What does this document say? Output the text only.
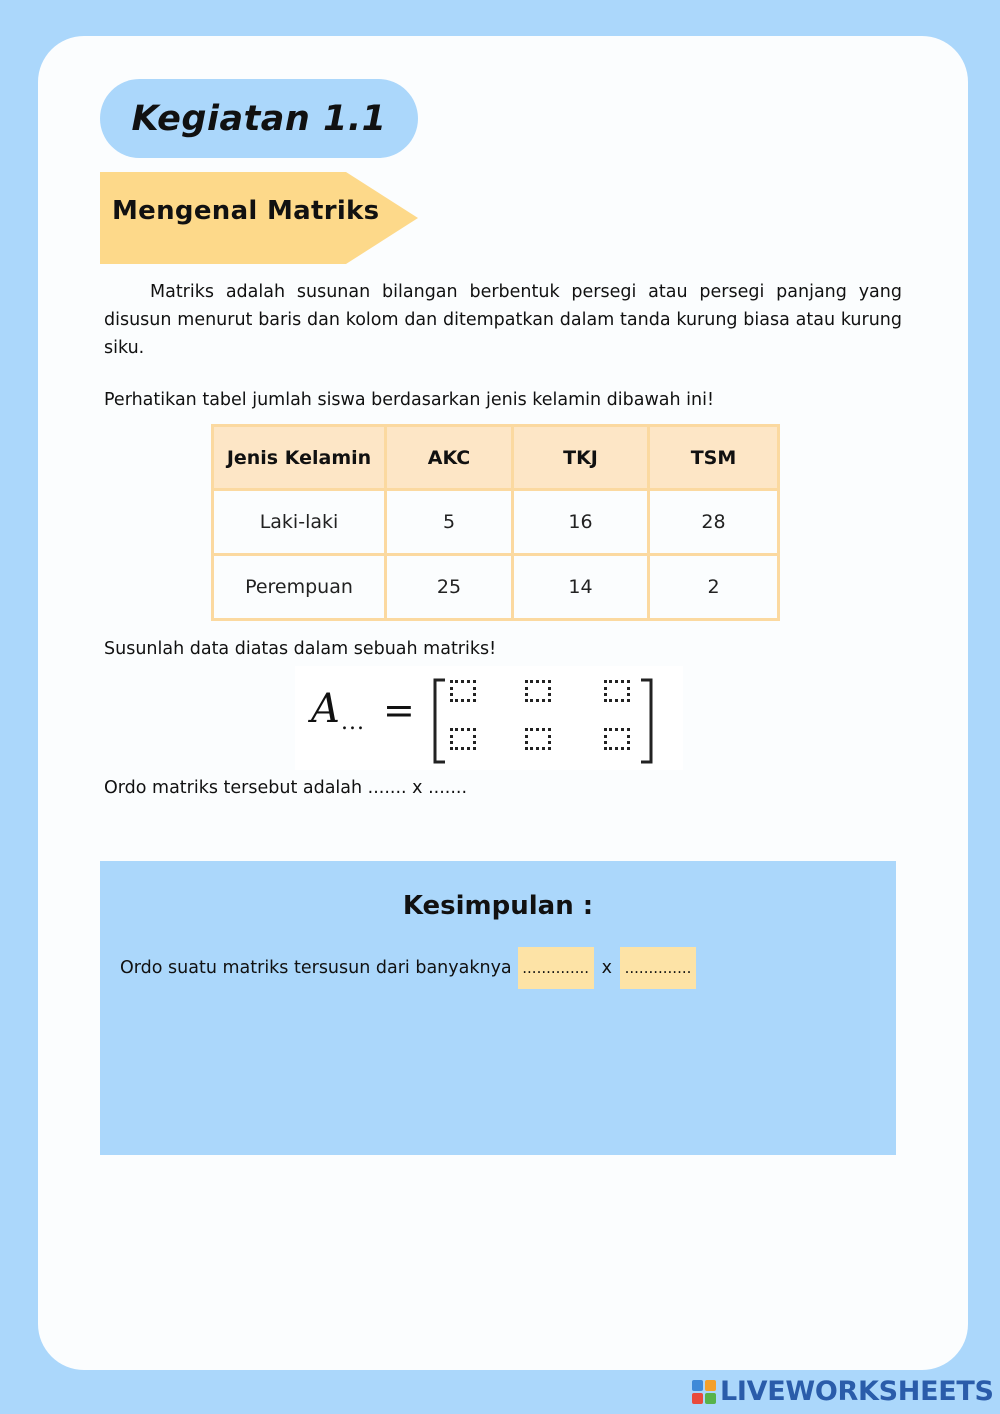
Kegiatan 1.1
Mengenal Matriks

Matriks adalah susunan bilangan berbentuk persegi atau persegi panjang yang disusun menurut baris dan kolom dan ditempatkan dalam tanda kurung biasa atau kurung siku.

Perhatikan tabel jumlah siswa berdasarkan jenis kelamin dibawah ini!

Jenis Kelamin	AKC	TKJ	TSM
Laki-laki	5	16	28
Perempuan	25	14	2

Susunlah data diatas dalam sebuah matriks!

A ... =

Ordo matriks tersebut adalah ....... x .......

Kesimpulan :
Ordo suatu matriks tersusun dari banyaknya .............. x ..............
LIVEWORKSHEETS
